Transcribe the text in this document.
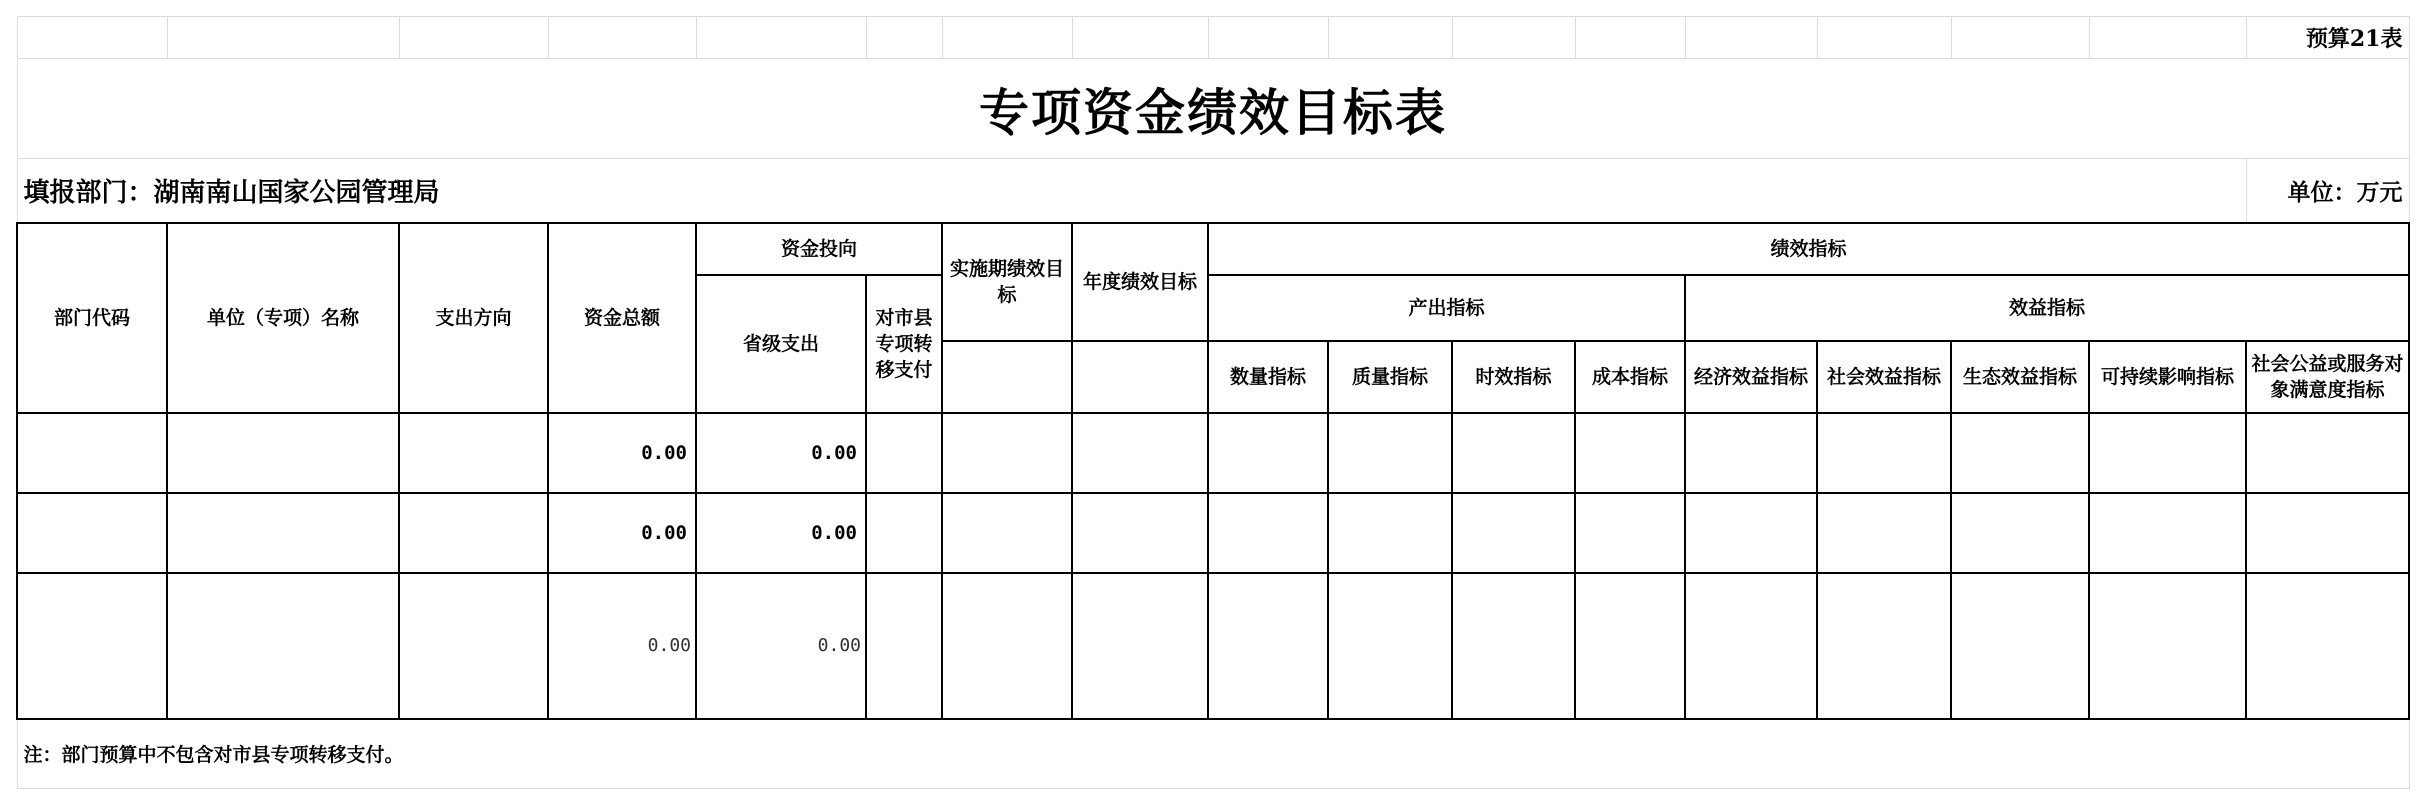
																预算21表
专项资金绩效目标表																
填报部门：湖南南山国家公园管理局																单位：万元
部门代码	单位（专项）名称	支出方向	资金总额	资金投向		实施期绩效目标	年度绩效目标	绩效指标								
				省级支出	对市县专项转移支付			产出指标				效益指标				
								数量指标	质量指标	时效指标	成本指标	经济效益指标	社会效益指标	生态效益指标	可持续影响指标	社会公益或服务对象满意度指标
			0.00	0.00												
			0.00	0.00												
			0.00	0.00												
注：部门预算中不包含对市县专项转移支付。																
